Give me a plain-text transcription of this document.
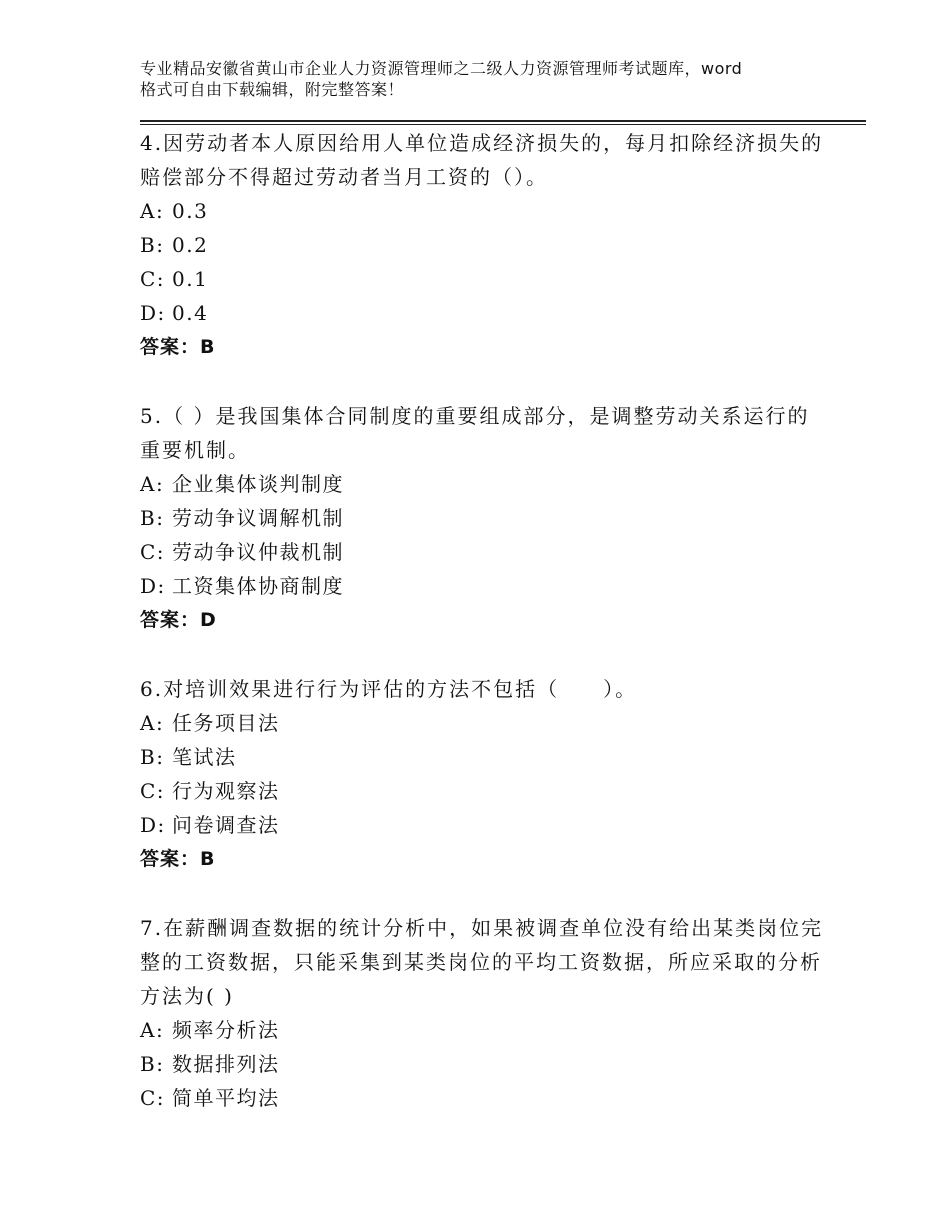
专业精品安徽省黄山市企业人力资源管理师之二级人力资源管理师考试题库，word
格式可自由下载编辑，附完整答案！
4.因劳动者本人原因给用人单位造成经济损失的，每月扣除经济损失的赔偿部分不得超过劳动者当月工资的（）。
A: 0.3
B: 0.2
C: 0.1
D: 0.4
答案：B
5.（ ）是我国集体合同制度的重要组成部分，是调整劳动关系运行的重要机制。
A: 企业集体谈判制度
B: 劳动争议调解机制
C: 劳动争议仲裁机制
D: 工资集体协商制度
答案：D
6.对培训效果进行行为评估的方法不包括（　　）。
A: 任务项目法
B: 笔试法
C: 行为观察法
D: 问卷调查法
答案：B
7.在薪酬调查数据的统计分析中，如果被调查单位没有给出某类岗位完整的工资数据，只能采集到某类岗位的平均工资数据，所应采取的分析方法为( )
A: 频率分析法
B: 数据排列法
C: 简单平均法
